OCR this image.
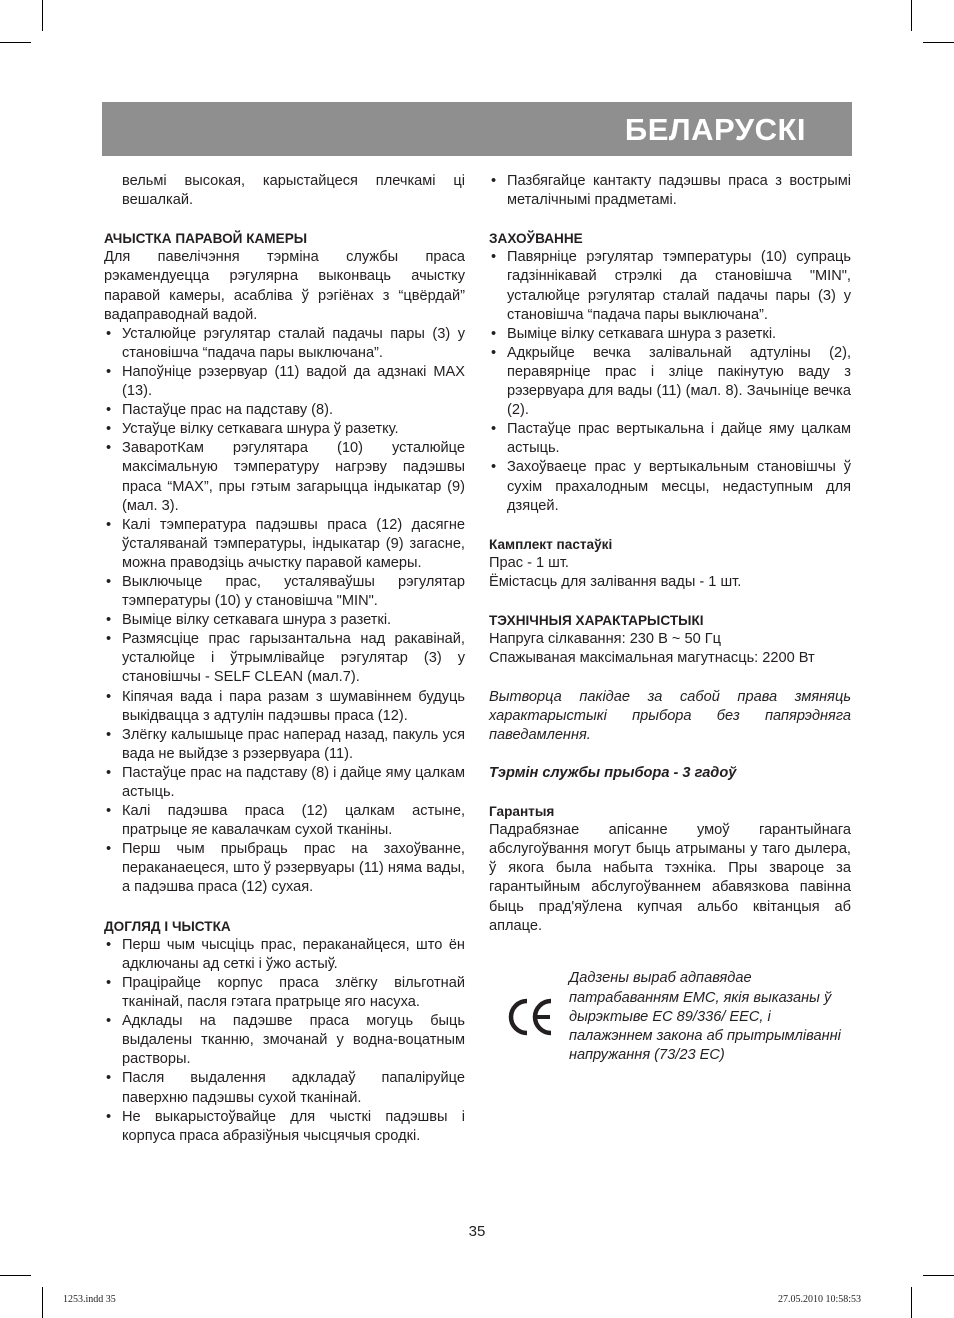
БЕЛАРУСКІ

вельмі высокая, карыстайцеся плечкамі ці вешалкай.

АЧЫСТКА ПАРАВОЙ КАМЕРЫ

Для павелічэння тэрміна службы праса рэкамендуецца рэгулярна выконваць ачыстку паравой камеры, асабліва ў рэгіёнах з “цвёрдай” вадаправоднай вадой.

• Усталюйце рэгулятар сталай падачы пары (3) у становішча “падача пары выключана”.
• Напоўніце рэзервуар (11) вадой да адзнакі MAX (13).
• Пастаўце прас на падставу (8).
• Устаўце вілку сеткавага шнура ў разетку.
• ЗаваротКам рэгулятара (10) усталюйце максімальную тэмпературу нагрэву падэшвы праса “MAX”, пры гэтым загарыцца індыкатар (9) (мал. 3).
• Калі тэмпература падэшвы праса (12) дасягне ўсталяванай тэмпературы, індыкатар (9) загасне, можна праводзіць ачыстку паравой камеры.
• Выключыце прас, усталяваўшы рэгулятар тэмпературы (10) у становішча "MIN".
• Выміце вілку сеткавага шнура з разеткі.
• Размясціце прас гарызантальна над ракавінай, усталюйце і ўтрымлівайце рэгулятар (3) у становішчы - SELF CLEAN (мал.7).
• Кіпячая вада і пара разам з шумавіннем будуць выкідвацца з адтулін падэшвы праса (12).
• Злёгку калышыце прас наперад назад, пакуль уся вада не выйдзе з рэзервуара (11).
• Пастаўце прас на падставу (8) і дайце яму цалкам астыць.
• Калі падэшва праса (12) цалкам астыне, пратрыце яе кавалачкам сухой тканіны.
• Перш чым прыбраць прас на захоўванне, пераканаецеся, што ў рэзервуары (11) няма вады, а падэшва праса (12) сухая.

ДОГЛЯД І ЧЫСТКА

• Перш чым чысціць прас, пераканайцеся, што ён адключаны ад сеткі і ўжо астыў.
• Працірайце корпус праса злёгку вільготнай тканінай, пасля гэтага пратрыце яго насуха.
• Адклады на падэшве праса могуць быць выдалены тканню, змочанай у водна-воцатным растворы.
• Пасля выдалення адкладаў папаліруйце паверхню падэшвы сухой тканінай.
• Не выкарыстоўвайце для чысткі падэшвы і корпуса праса абразіўныя чысцячыя сродкі.
• Пазбягайце кантакту падэшвы праса з вострымі металічнымі прадметамі.

ЗАХОЎВАННЕ

• Павярніце рэгулятар тэмпературы (10) супраць гадзіннікавай стрэлкі да становішча "MIN", усталюйце рэгулятар сталай падачы пары (3) у становішча “падача пары выключана”.
• Выміце вілку сеткавага шнура з разеткі.
• Адкрыйце вечка залівальнай адтуліны (2), перавярніце прас і зліце пакінутую ваду з рэзервуара для вады (11) (мал. 8). Зачыніце вечка (2).
• Пастаўце прас вертыкальна і дайце яму цалкам астыць.
• Захоўваеце прас у вертыкальным становішчы ў сухім прахалодным месцы, недаступным для дзяцей.

Камплект пастаўкі

Прас - 1 шт.

Ёмістасць для залівання вады - 1 шт.

ТЭХНІЧНЫЯ ХАРАКТАРЫСТЫКІ

Напруга сілкавання: 230 В ~ 50 Гц

Спажываная максімальная магутнасць: 2200 Вт

Вытворца пакідае за сабой права змяняць характарыстыкі прыбора без папярэдняга паведамлення.

Тэрмін службы прыбора - 3 гадоў

Гарантыя

Падрабязнае апісанне умоў гарантыйнага абслугоўвання могут быць атрыманы у таго дылера, ў якога была набыта тэхніка. Пры звароце за гарантыйным абслугоўваннем абавязкова павінна быць прад'яўлена купчая альбо квітанцыя аб аплаце.

Дадзены выраб адпавядае патрабаванням ЕМС, якія выказаны ў дырэктыве ЕС 89/336/ ЕЕС, і палажэннем закона аб прытрымліванні напружання (73/23 ЕС)

35
1253.indd 35	27.05.2010 10:58:53
